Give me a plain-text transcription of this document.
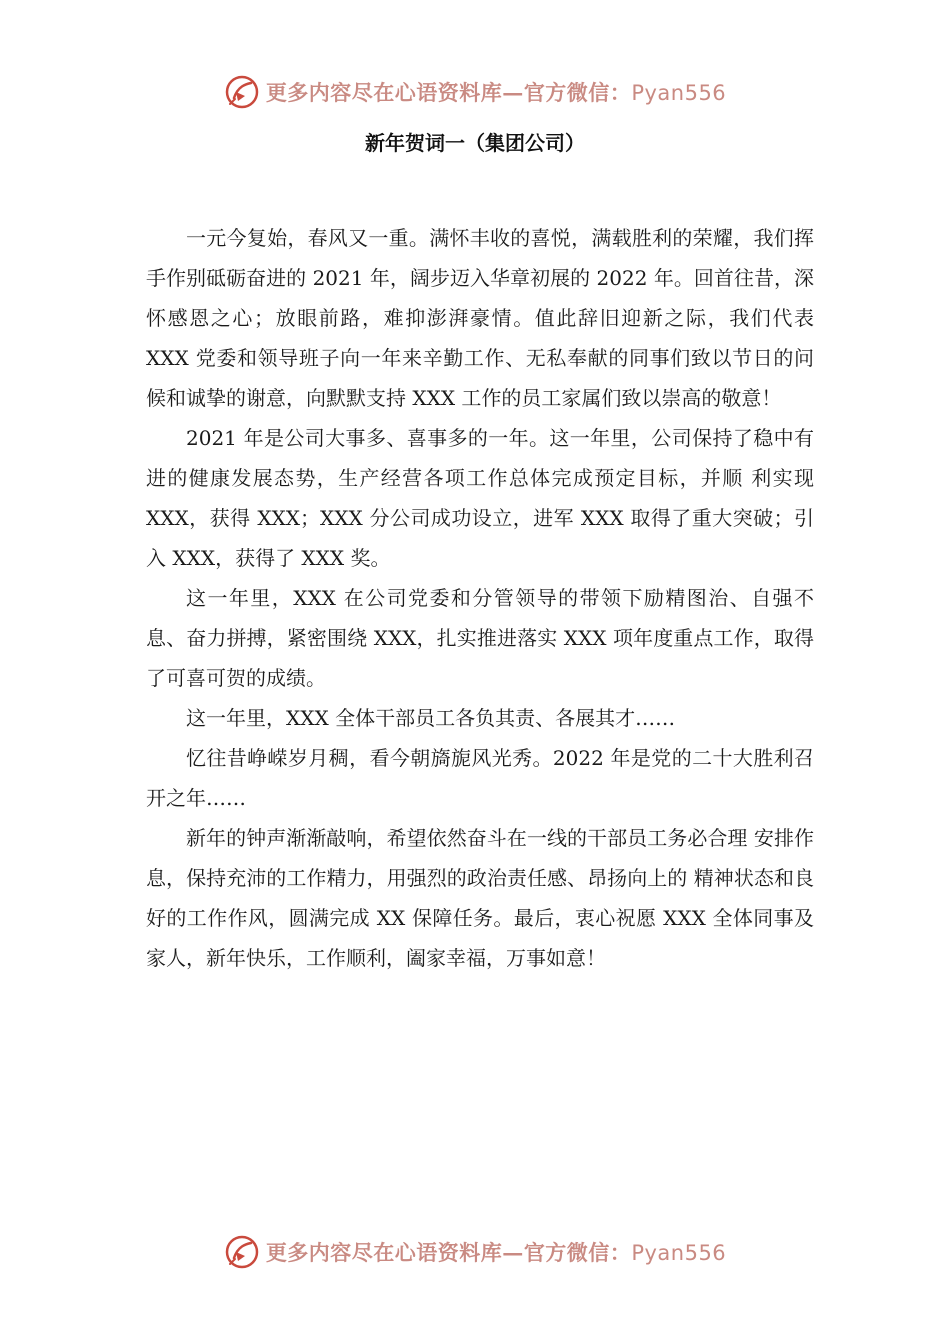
更多内容尽在心语资料库—官方微信：Pyan556
新年贺词一（集团公司）

一元今复始，春风又一重。满怀丰收的喜悦，满载胜利的荣耀，我们挥手作别砥砺奋进的 2021 年，阔步迈入华章初展的 2022 年。回首往昔，深怀感恩之心；放眼前路，难抑澎湃豪情。值此辞旧迎新之际，我们代表 XXX 党委和领导班子向一年来辛勤工作、无私奉献的同事们致以节日的问候和诚挚的谢意，向默默支持 XXX 工作的员工家属们致以崇高的敬意！

2021 年是公司大事多、喜事多的一年。这一年里，公司保持了稳中有进的健康发展态势，生产经营各项工作总体完成预定目标，并顺 利实现 XXX，获得 XXX；XXX 分公司成功设立，进军 XXX 取得了重大突破；引入 XXX，获得了 XXX 奖。

这一年里，XXX 在公司党委和分管领导的带领下励精图治、自强不息、奋力拼搏，紧密围绕 XXX，扎实推进落实 XXX 项年度重点工作，取得了可喜可贺的成绩。

这一年里，XXX 全体干部员工各负其责、各展其才……

忆往昔峥嵘岁月稠，看今朝旖旎风光秀。2022 年是党的二十大胜利召开之年……

新年的钟声渐渐敲响，希望依然奋斗在一线的干部员工务必合理 安排作息，保持充沛的工作精力，用强烈的政治责任感、昂扬向上的 精神状态和良好的工作作风，圆满完成 XX 保障任务。最后，衷心祝愿 XXX 全体同事及家人，新年快乐，工作顺利，阖家幸福，万事如意！

更多内容尽在心语资料库—官方微信：Pyan556
